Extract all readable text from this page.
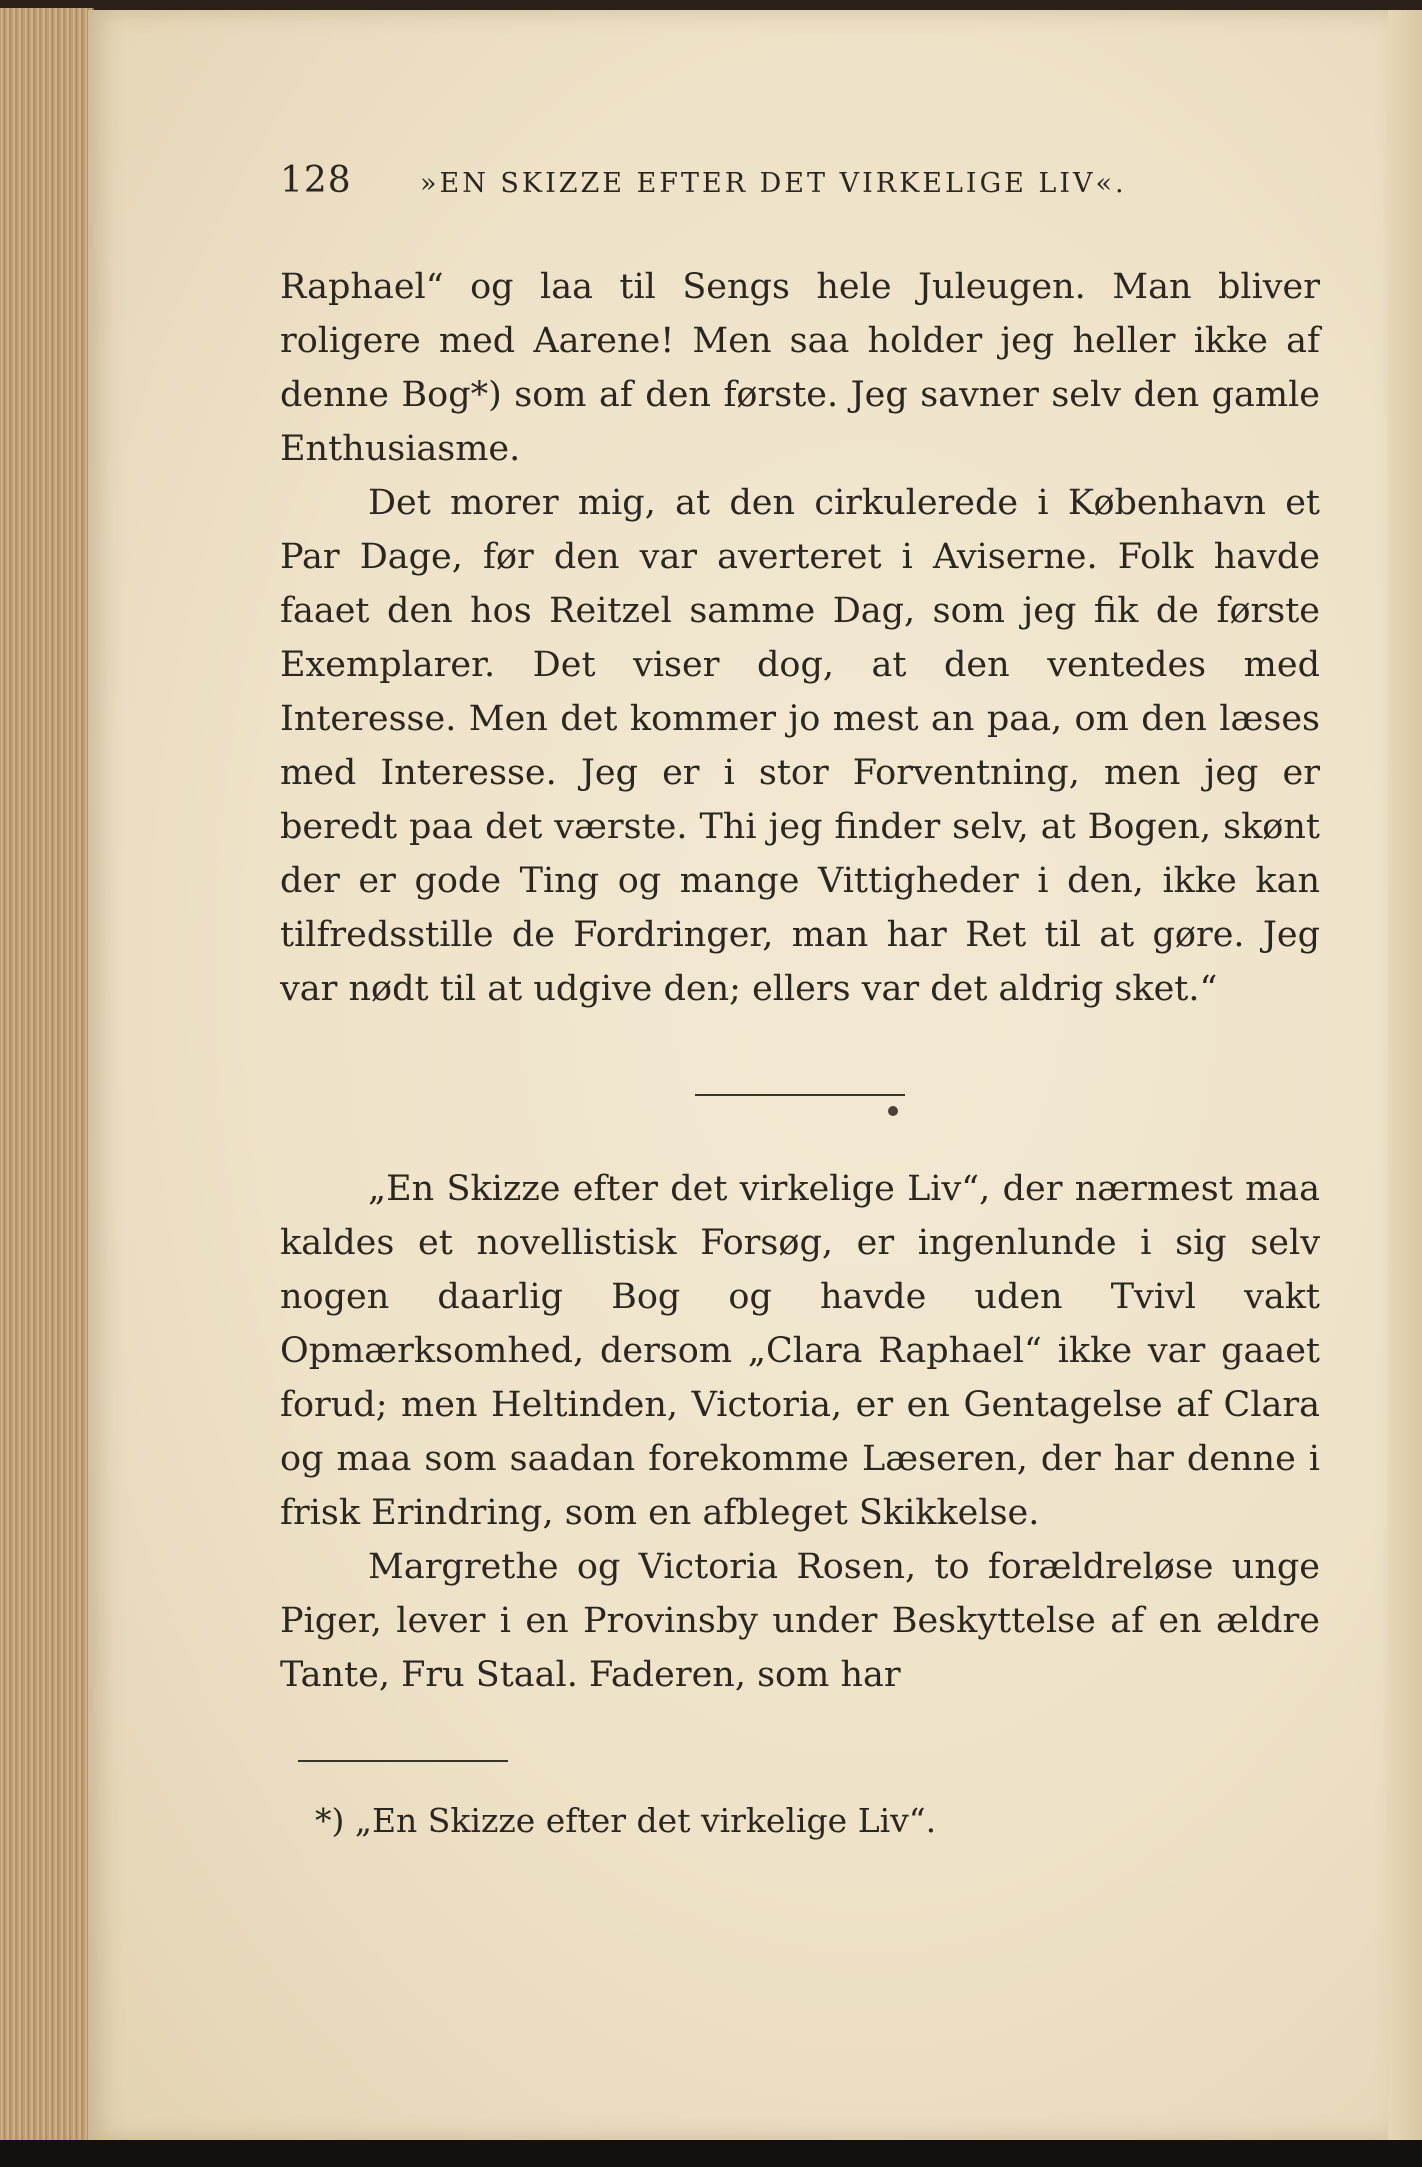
128	»EN SKIZZE EFTER DET VIRKELIGE LIV«.

Raphael“ og laa til Sengs hele Juleugen. Man bliver roligere med Aarene! Men saa holder jeg heller ikke af denne Bog*) som af den første. Jeg savner selv den gamle Enthusiasme.

Det morer mig, at den cirkulerede i København et Par Dage, før den var averteret i Aviserne. Folk havde faaet den hos Reitzel samme Dag, som jeg fik de første Exemplarer. Det viser dog, at den ventedes med Interesse. Men det kommer jo mest an paa, om den læses med Interesse. Jeg er i stor Forventning, men jeg er beredt paa det værste. Thi jeg finder selv, at Bogen, skønt der er gode Ting og mange Vittigheder i den, ikke kan tilfredsstille de Fordringer, man har Ret til at gøre. Jeg var nødt til at udgive den; ellers var det aldrig sket.“

„En Skizze efter det virkelige Liv“, der nærmest maa kaldes et novellistisk Forsøg, er ingenlunde i sig selv nogen daarlig Bog og havde uden Tvivl vakt Opmærksomhed, dersom „Clara Raphael“ ikke var gaaet forud; men Heltinden, Victoria, er en Gentagelse af Clara og maa som saadan forekomme Læseren, der har denne i frisk Erindring, som en afbleget Skikkelse.

Margrethe og Victoria Rosen, to forældreløse unge Piger, lever i en Provinsby under Beskyttelse af en ældre Tante, Fru Staal. Faderen, som har

*) „En Skizze efter det virkelige Liv“.
